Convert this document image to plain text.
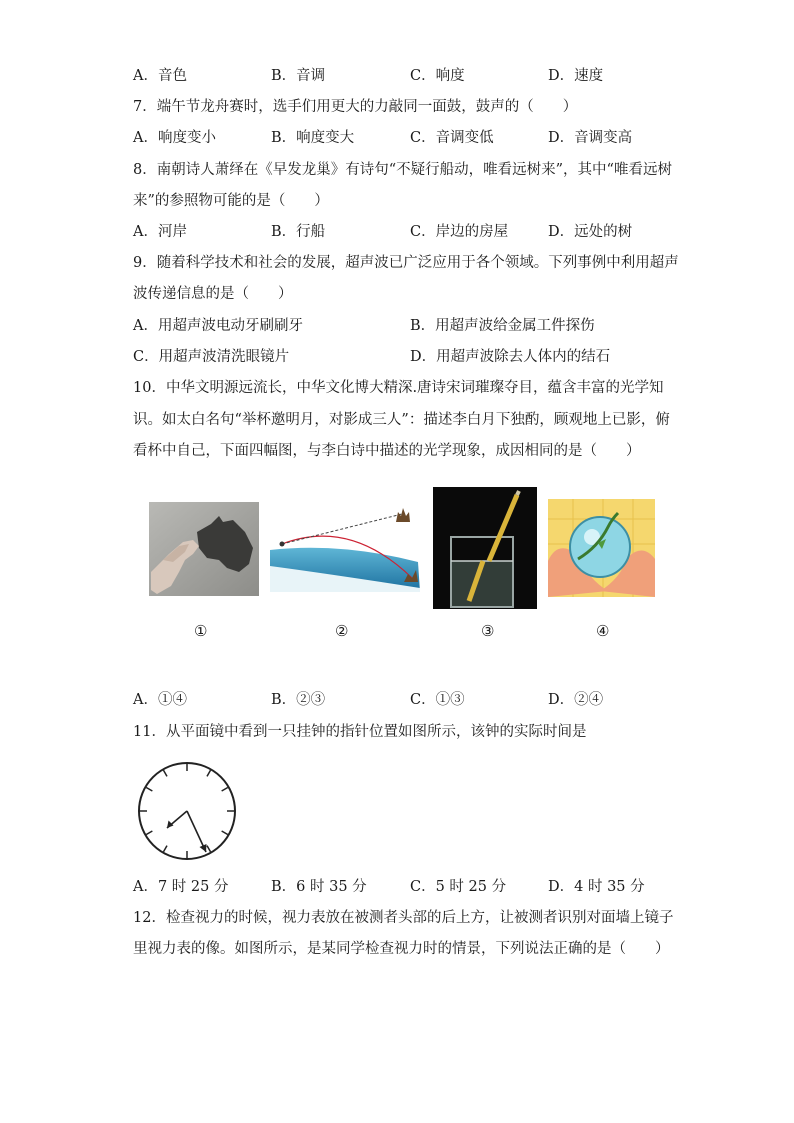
A．音色	B．音调	C．响度	D．速度
7．端午节龙舟赛时，选手们用更大的力敲同一面鼓，鼓声的（　　）
A．响度变小	B．响度变大	C．音调变低	D．音调变高
8．南朝诗人萧绎在《早发龙巢》有诗句“不疑行船动，唯看远树来”，其中“唯看远树
来”的参照物可能的是（　　）
A．河岸	B．行船	C．岸边的房屋	D．远处的树
9．随着科学技术和社会的发展，超声波已广泛应用于各个领域。下列事例中利用超声
波传递信息的是（　　）
A．用超声波电动牙刷刷牙	B．用超声波给金属工件探伤
C．用超声波清洗眼镜片	D．用超声波除去人体内的结石
10．中华文明源远流长，中华文化博大精深.唐诗宋词璀璨夺目，蕴含丰富的光学知
识。如太白名句“举杯邀明月，对影成三人”：描述李白月下独酌，顾观地上已影，俯
看杯中自己，下面四幅图，与李白诗中描述的光学现象，成因相同的是（　　）
①	②	③	④
A．①④	B．②③	C．①③	D．②④
11．从平面镜中看到一只挂钟的指针位置如图所示，该钟的实际时间是
A．7 时 25 分	B．6 时 35 分	C．5 时 25 分	D．4 时 35 分
12．检查视力的时候，视力表放在被测者头部的后上方，让被测者识别对面墙上镜子
里视力表的像。如图所示，是某同学检查视力时的情景，下列说法正确的是（　　）
